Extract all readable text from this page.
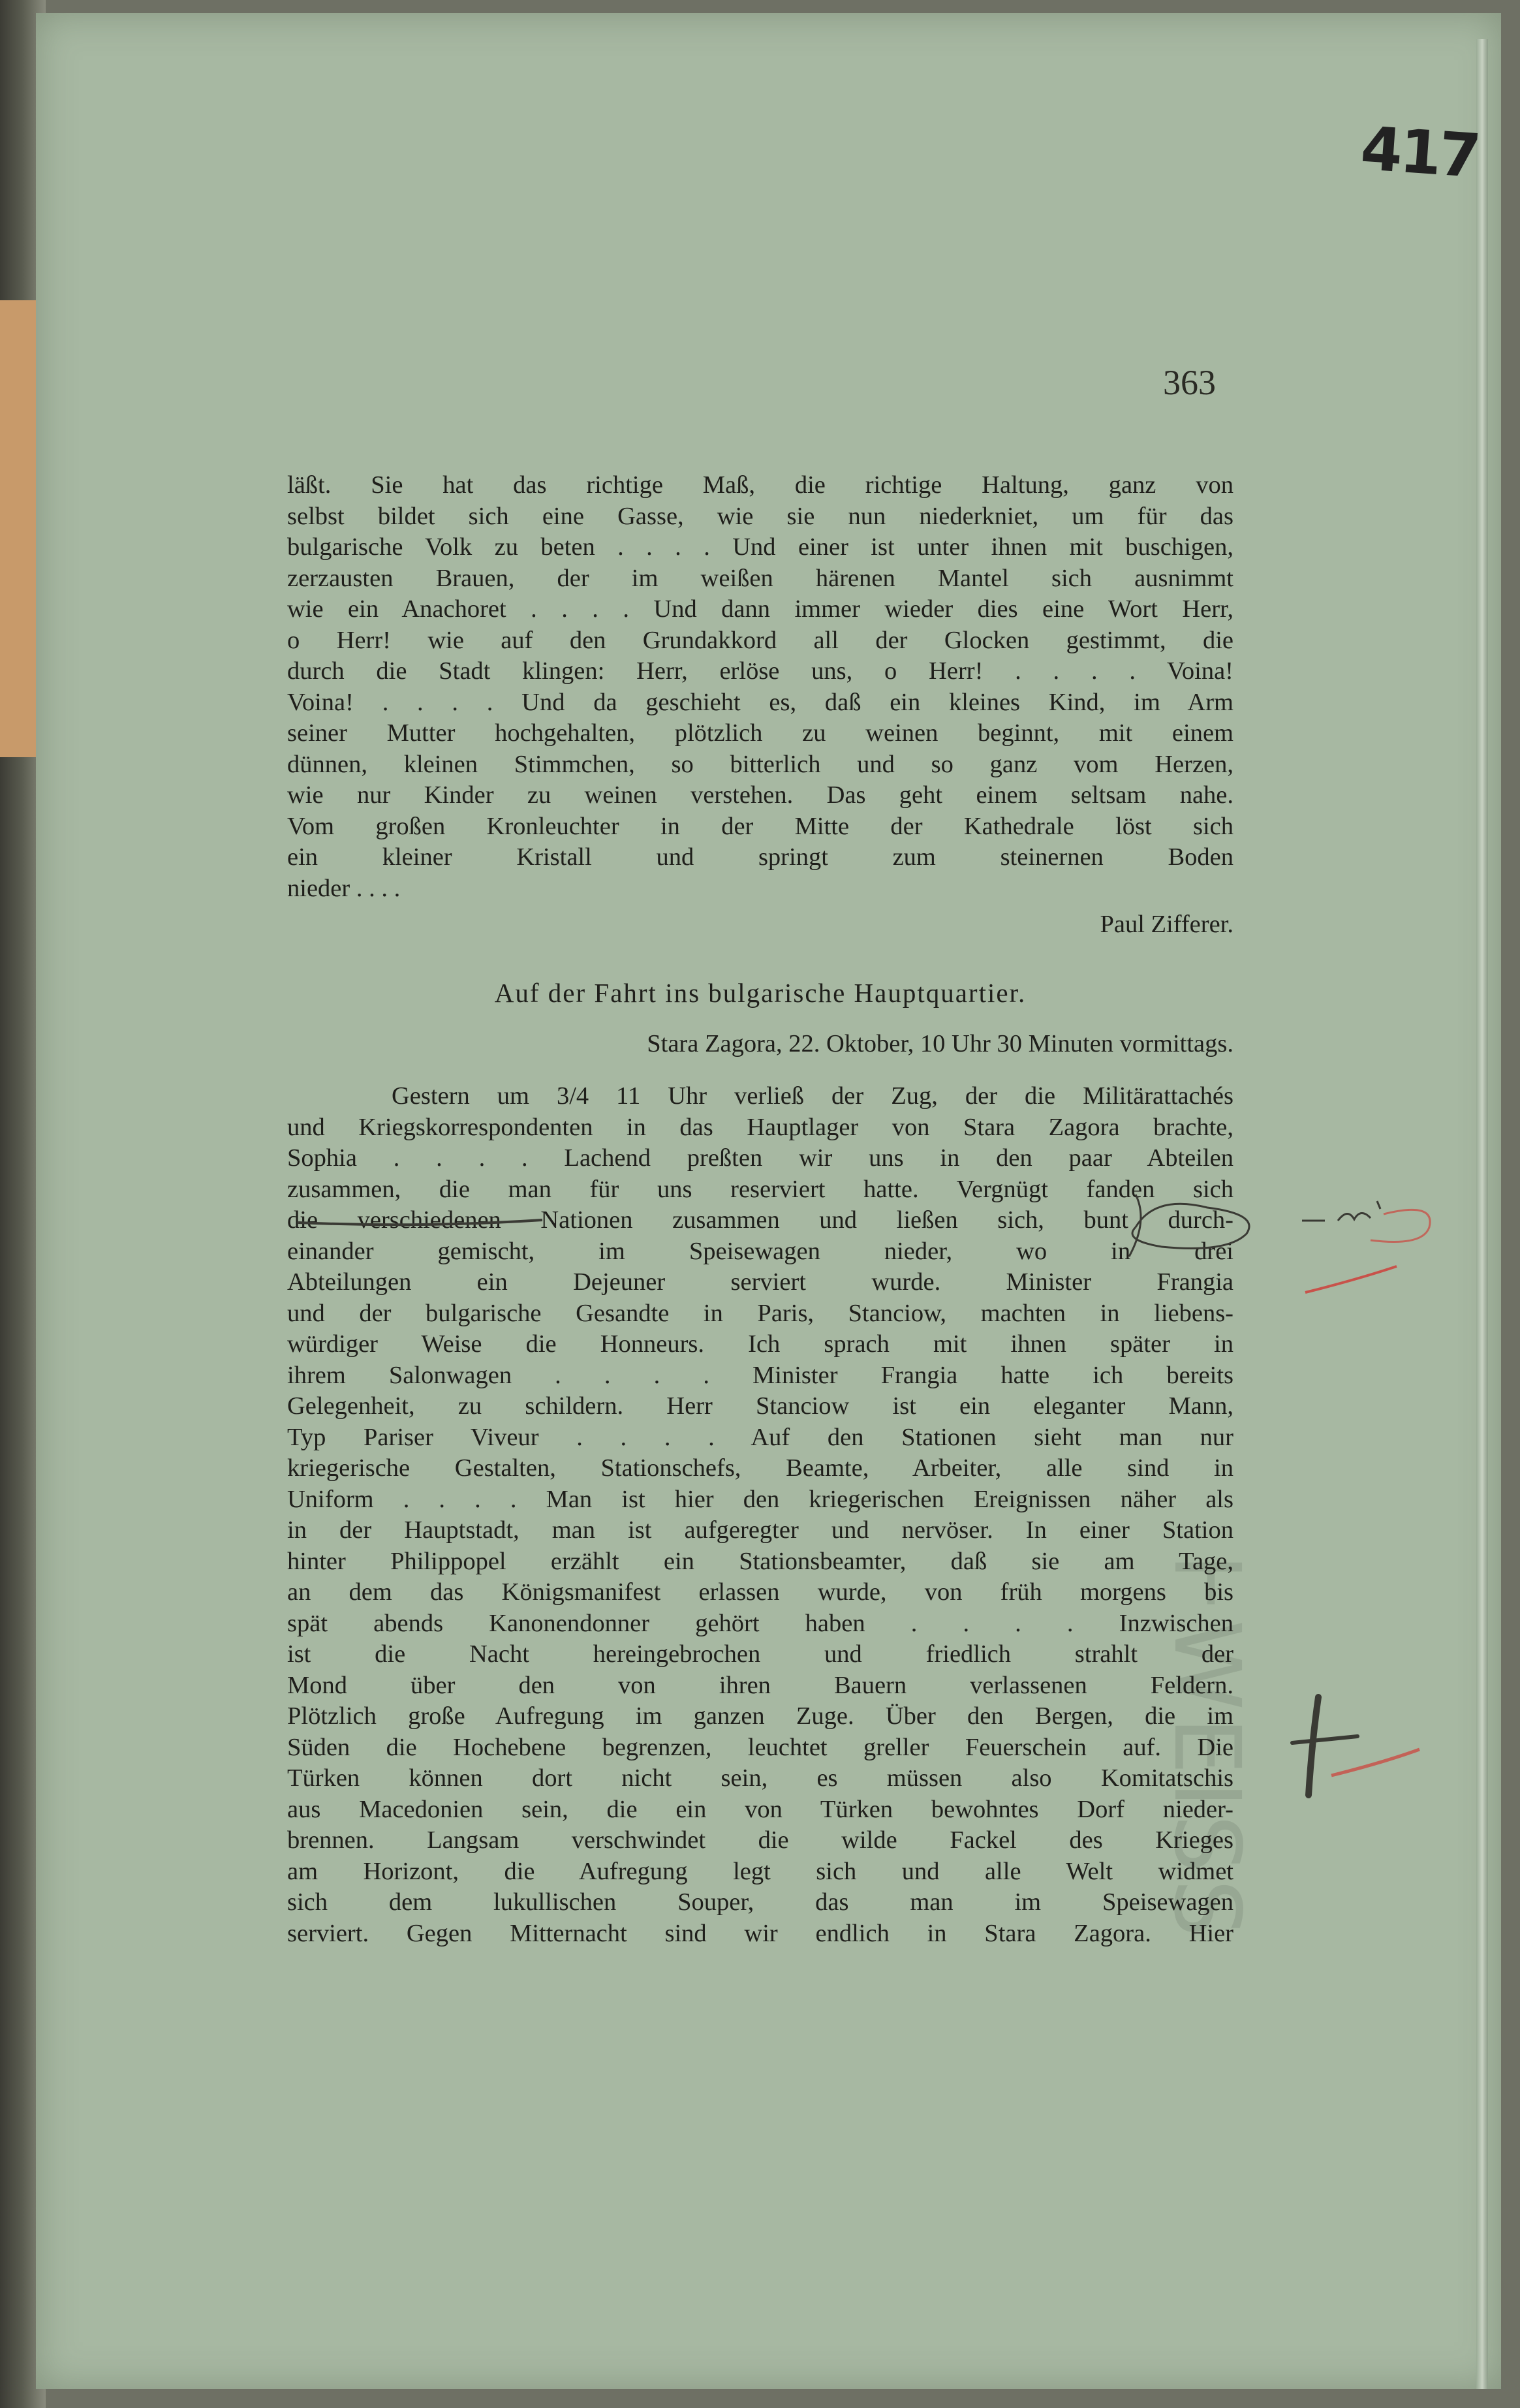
ͰWEISS
417
363
läßt. Sie hat das richtige Maß, die richtige Haltung, ganz von
selbst bildet sich eine Gasse, wie sie nun niederkniet, um für das
bulgarische Volk zu beten . . . . Und einer ist unter ihnen mit buschigen,
zerzausten Brauen, der im weißen härenen Mantel sich ausnimmt
wie ein Anachoret . . . . Und dann immer wieder dies eine Wort Herr,
o Herr! wie auf den Grundakkord all der Glocken gestimmt, die
durch die Stadt klingen: Herr, erlöse uns, o Herr! . . . . Voina!
Voina! . . . . Und da geschieht es, daß ein kleines Kind, im Arm
seiner Mutter hochgehalten, plötzlich zu weinen beginnt, mit einem
dünnen, kleinen Stimmchen, so bitterlich und so ganz vom Herzen,
wie nur Kinder zu weinen verstehen. Das geht einem seltsam nahe.
Vom großen Kronleuchter in der Mitte der Kathedrale löst sich
ein kleiner Kristall und springt zum steinernen Boden
nieder . . . .
Paul Zifferer.
Auf der Fahrt ins bulgarische Hauptquartier.
Stara Zagora, 22. Oktober, 10 Uhr 30 Minuten vormittags.
Gestern um 3/4 11 Uhr verließ der Zug, der die Militärattachés
und Kriegskorrespondenten in das Hauptlager von Stara Zagora brachte,
Sophia . . . . Lachend preßten wir uns in den paar Abteilen
zusammen, die man für uns reserviert hatte. Vergnügt fanden sich
die verschiedenen Nationen zusammen und ließen sich, bunt durch-
einander gemischt, im Speisewagen nieder, wo in drei
Abteilungen ein Dejeuner serviert wurde. Minister Frangia
und der bulgarische Gesandte in Paris, Stanciow, machten in liebens-
würdiger Weise die Honneurs. Ich sprach mit ihnen später in
ihrem Salonwagen . . . . Minister Frangia hatte ich bereits
Gelegenheit, zu schildern. Herr Stanciow ist ein eleganter Mann,
Typ Pariser Viveur . . . . Auf den Stationen sieht man nur
kriegerische Gestalten, Stationschefs, Beamte, Arbeiter, alle sind in
Uniform . . . . Man ist hier den kriegerischen Ereignissen näher als
in der Hauptstadt, man ist aufgeregter und nervöser. In einer Station
hinter Philippopel erzählt ein Stationsbeamter, daß sie am Tage,
an dem das Königsmanifest erlassen wurde, von früh morgens bis
spät abends Kanonendonner gehört haben . . . . Inzwischen
ist die Nacht hereingebrochen und friedlich strahlt der
Mond über den von ihren Bauern verlassenen Feldern.
Plötzlich große Aufregung im ganzen Zuge. Über den Bergen, die im
Süden die Hochebene begrenzen, leuchtet greller Feuerschein auf. Die
Türken können dort nicht sein, es müssen also Komitatschis
aus Macedonien sein, die ein von Türken bewohntes Dorf nieder-
brennen. Langsam verschwindet die wilde Fackel des Krieges
am Horizont, die Aufregung legt sich und alle Welt widmet
sich dem lukullischen Souper, das man im Speisewagen
serviert. Gegen Mitternacht sind wir endlich in Stara Zagora. Hier
